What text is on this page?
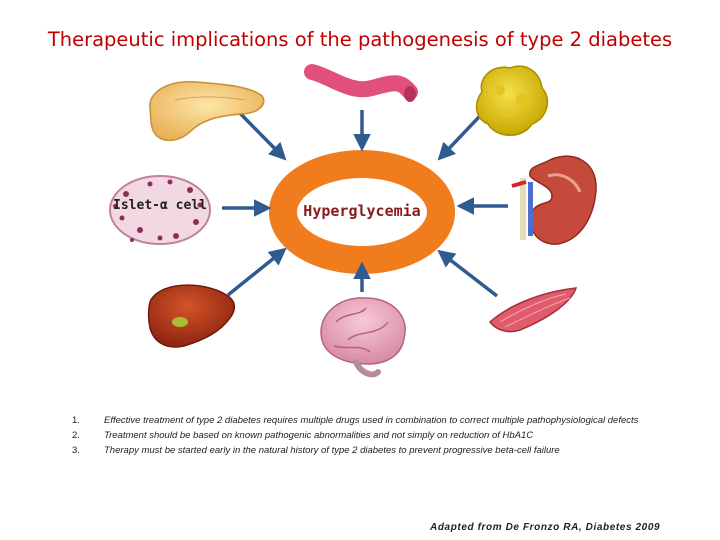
Therapeutic implications of the pathogenesis of type 2 diabetes
Islet-α cell	Hyperglycemia
1.	Effective treatment of type 2 diabetes requires multiple drugs used in combination to correct multiple pathophysiological defects
2.	Treatment should be based on known pathogenic abnormalities and not simply on reduction of HbA1C
3.	Therapy must be started early in the natural history of type 2 diabetes to prevent progressive beta-cell failure
Adapted from De Fronzo RA, Diabetes 2009
